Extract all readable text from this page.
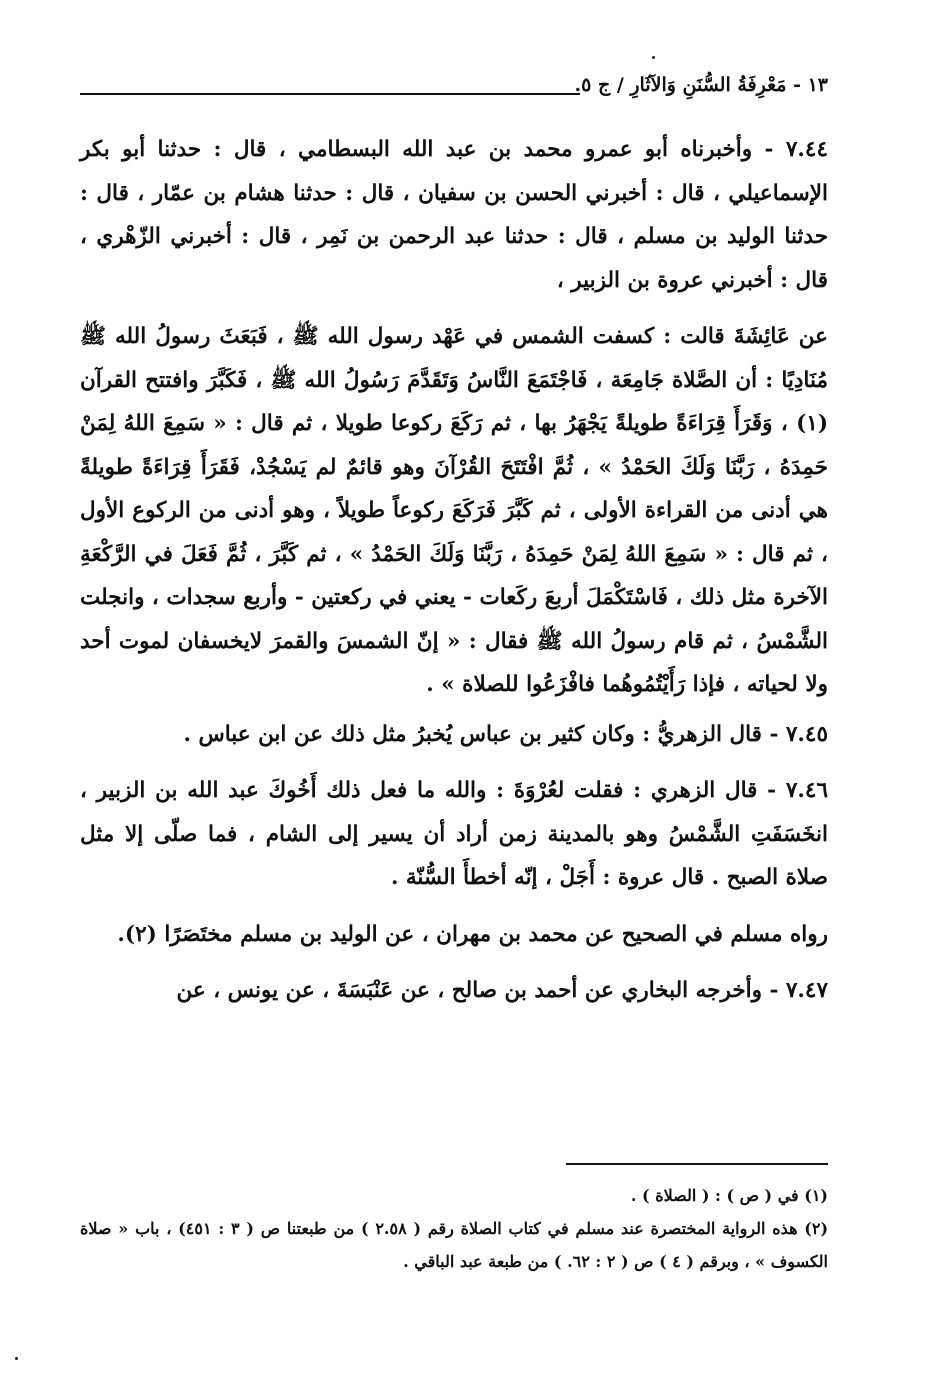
.١٣ - مَعْرِفَةُ السُّنَنِ وَالآثَارِ / ج ٥

٧.٤٤ - وأخبرناه أبو عمرو محمد بن عبد الله البسطامي ، قال : حدثنا أبو بكر الإسماعيلي ، قال : أخبرني الحسن بن سفيان ، قال : حدثنا هشام بن عمّار ، قال : حدثنا الوليد بن مسلم ، قال : حدثنا عبد الرحمن بن نَمِر ، قال : أخبرني الزّهْري ، قال : أخبرني عروة بن الزبير ،

عن عَائِشَةَ قالت : كسفت الشمس في عَهْد رسول الله ﷺ ، فَبَعَثَ رسولُ الله ﷺ مُنَادِيًا : أن الصَّلاة جَامِعَة ، فَاجْتَمَعَ النَّاسُ وَتَقَدَّمَ رَسُولُ الله ﷺ ، فَكَبَّرَ وافتتح القرآن (١) ، وَقَرَأَ قِرَاءَةً طويلةً يَجْهَرُ بها ، ثم رَكَعَ ركوعا طويلا ، ثم قال : « سَمِعَ اللهُ لِمَنْ حَمِدَهُ ، رَبَّنَا وَلَكَ الحَمْدُ » ، ثُمَّ افْتَتَحَ القُرْآنَ وهو قائمٌ لم يَسْجُدْ، فَقَرَأَ قِرَاءَةً طويلةً هي أدنى من القراءة الأولى ، ثم كَبَّرَ فَرَكَعَ ركوعاً طويلاً ، وهو أدنى من الركوع الأول ، ثم قال : « سَمِعَ اللهُ لِمَنْ حَمِدَهُ ، رَبَّنَا وَلَكَ الحَمْدُ » ، ثم كَبَّرَ ، ثُمَّ فَعَلَ في الرَّكْعَةِ الآخرة مثل ذلك ، فَاسْتَكْمَلَ أربعَ ركَعات - يعني في ركعتين - وأربع سجدات ، وانجلت الشَّمْسُ ، ثم قام رسولُ الله ﷺ فقال : « إنّ الشمسَ والقمرَ لايخسفان لموت أحد ولا لحياته ، فإذا رَأَيْتُمُوهُما فافْزَعُوا للصلاة » .

٧.٤٥ - قال الزهريُّ : وكان كثير بن عباس يُخبرُ مثل ذلك عن ابن عباس .

٧.٤٦ - قال الزهري : فقلت لعُرْوَةَ : والله ما فعل ذلك أَخُوكَ عبد الله بن الزبير ، انخَسَفَتِ الشَّمْسُ وهو بالمدينة زمن أراد أن يسير إلى الشام ، فما صلّى إلا مثل صلاة الصبح . قال عروة : أَجَلْ ، إنّه أخطأَ السُّنّة .

رواه مسلم في الصحيح عن محمد بن مهران ، عن الوليد بن مسلم مختَصَرًا (٢).

٧.٤٧ - وأخرجه البخاري عن أحمد بن صالح ، عن عَنْبَسَةَ ، عن يونس ، عن

(١) في ( ص ) : ( الصلاة ) .

(٢) هذه الرواية المختصرة عند مسلم في كتاب الصلاة رقم ( ٢.٥٨ ) من طبعتنا ص ( ٣ : ٤٥١) ، باب « صلاة الكسوف » ، وبرقم ( ٤ ) ص ( ٢ : ٦٢. ) من طبعة عبد الباقي .
